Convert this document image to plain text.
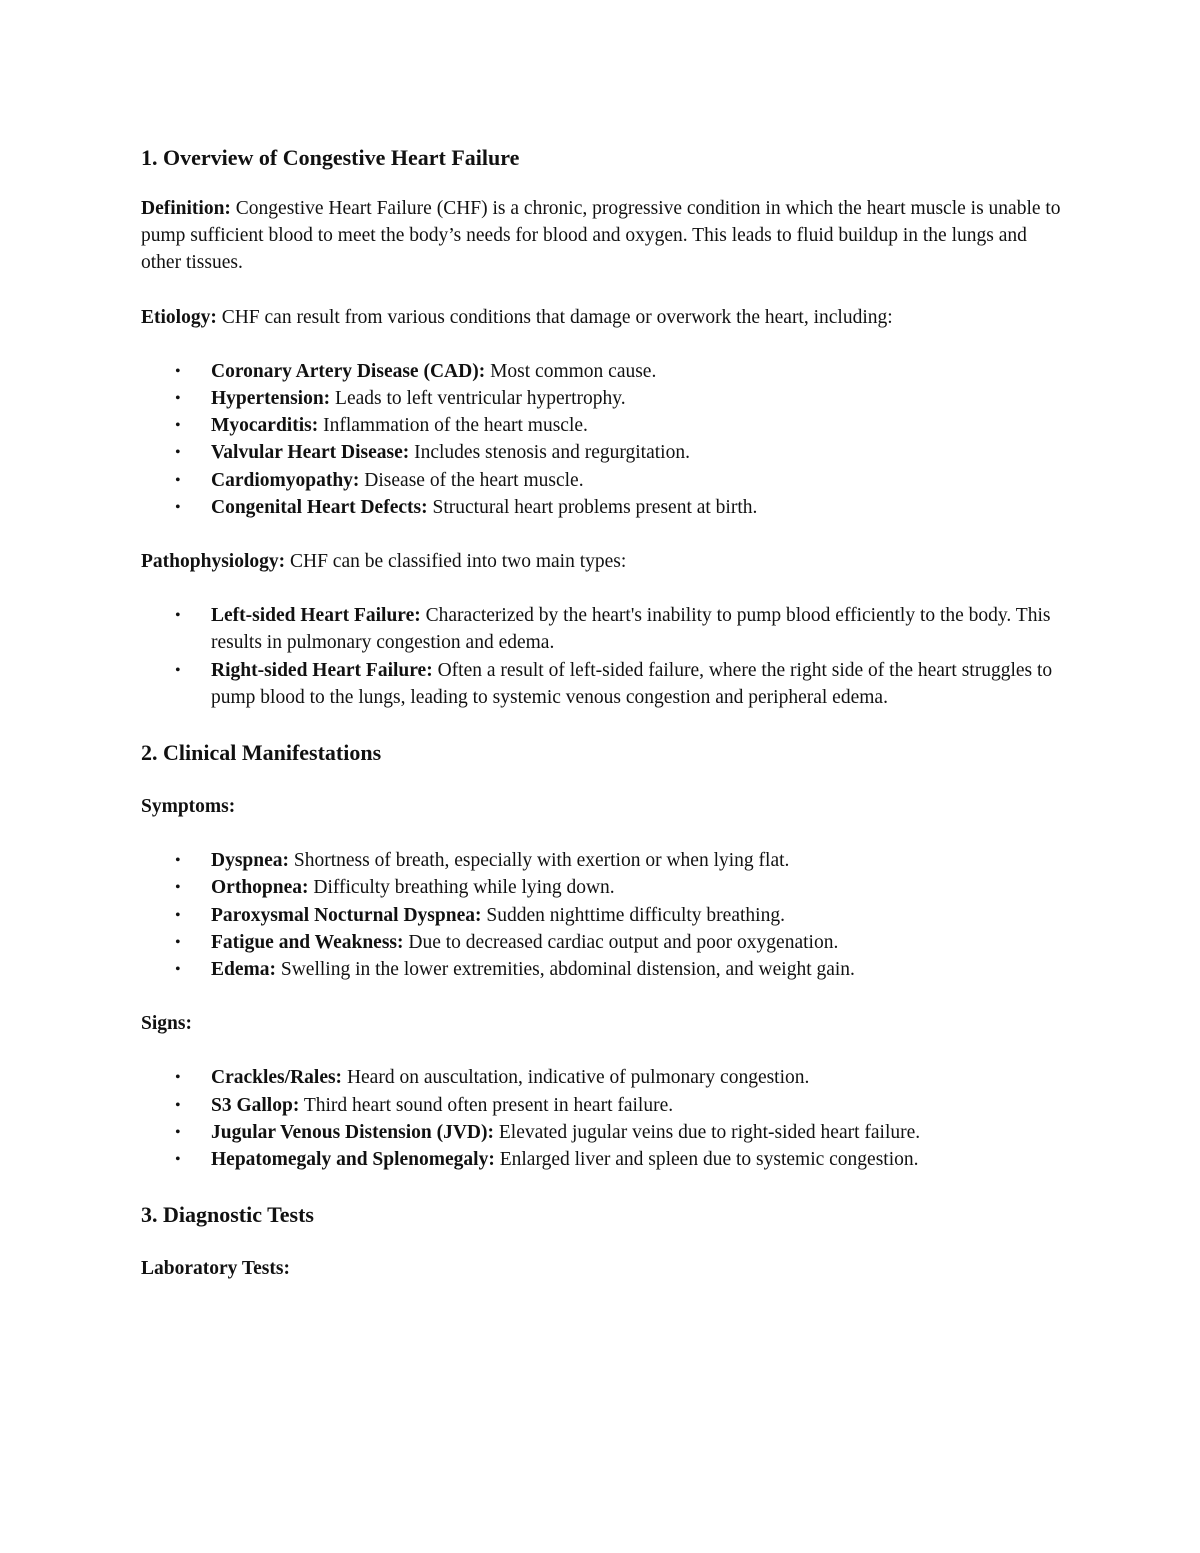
1. Overview of Congestive Heart Failure

Definition: Congestive Heart Failure (CHF) is a chronic, progressive condition in which the heart muscle is unable to pump sufficient blood to meet the body’s needs for blood and oxygen. This leads to fluid buildup in the lungs and other tissues.

Etiology: CHF can result from various conditions that damage or overwork the heart, including:

• Coronary Artery Disease (CAD): Most common cause.
• Hypertension: Leads to left ventricular hypertrophy.
• Myocarditis: Inflammation of the heart muscle.
• Valvular Heart Disease: Includes stenosis and regurgitation.
• Cardiomyopathy: Disease of the heart muscle.
• Congenital Heart Defects: Structural heart problems present at birth.

Pathophysiology: CHF can be classified into two main types:

• Left-sided Heart Failure: Characterized by the heart's inability to pump blood efficiently to the body. This results in pulmonary congestion and edema.
• Right-sided Heart Failure: Often a result of left-sided failure, where the right side of the heart struggles to pump blood to the lungs, leading to systemic venous congestion and peripheral edema.
2. Clinical Manifestations

Symptoms:

• Dyspnea: Shortness of breath, especially with exertion or when lying flat.
• Orthopnea: Difficulty breathing while lying down.
• Paroxysmal Nocturnal Dyspnea: Sudden nighttime difficulty breathing.
• Fatigue and Weakness: Due to decreased cardiac output and poor oxygenation.
• Edema: Swelling in the lower extremities, abdominal distension, and weight gain.

Signs:

• Crackles/Rales: Heard on auscultation, indicative of pulmonary congestion.
• S3 Gallop: Third heart sound often present in heart failure.
• Jugular Venous Distension (JVD): Elevated jugular veins due to right-sided heart failure.
• Hepatomegaly and Splenomegaly: Enlarged liver and spleen due to systemic congestion.
3. Diagnostic Tests

Laboratory Tests:
